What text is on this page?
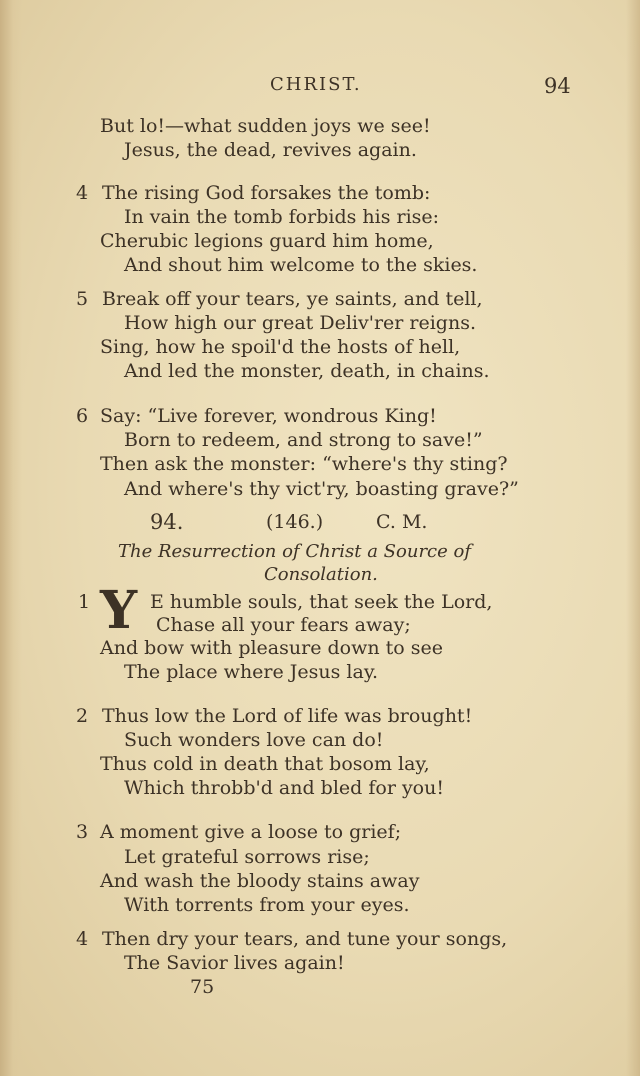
CHRIST.	94
But lo!—what sudden joys we see!
Jesus, the dead, revives again.
4 The rising God forsakes the tomb:
In vain the tomb forbids his rise:
Cherubic legions guard him home,
And shout him welcome to the skies.
5 Break off your tears, ye saints, and tell,
How high our great Deliv'rer reigns.
Sing, how he spoil'd the hosts of hell,
And led the monster, death, in chains.
6 Say: “Live forever, wondrous King!
Born to redeem, and strong to save!”
Then ask the monster: “where's thy sting?
And where's thy vict'ry, boasting grave?”
94.	(146.)	C. M.
The Resurrection of Christ a Source of
Consolation.
1 Y E humble souls, that seek the Lord,
Chase all your fears away;
And bow with pleasure down to see
The place where Jesus lay.
2 Thus low the Lord of life was brought!
Such wonders love can do!
Thus cold in death that bosom lay,
Which throbb'd and bled for you!
3 A moment give a loose to grief;
Let grateful sorrows rise;
And wash the bloody stains away
With torrents from your eyes.
4 Then dry your tears, and tune your songs,
The Savior lives again!
75
